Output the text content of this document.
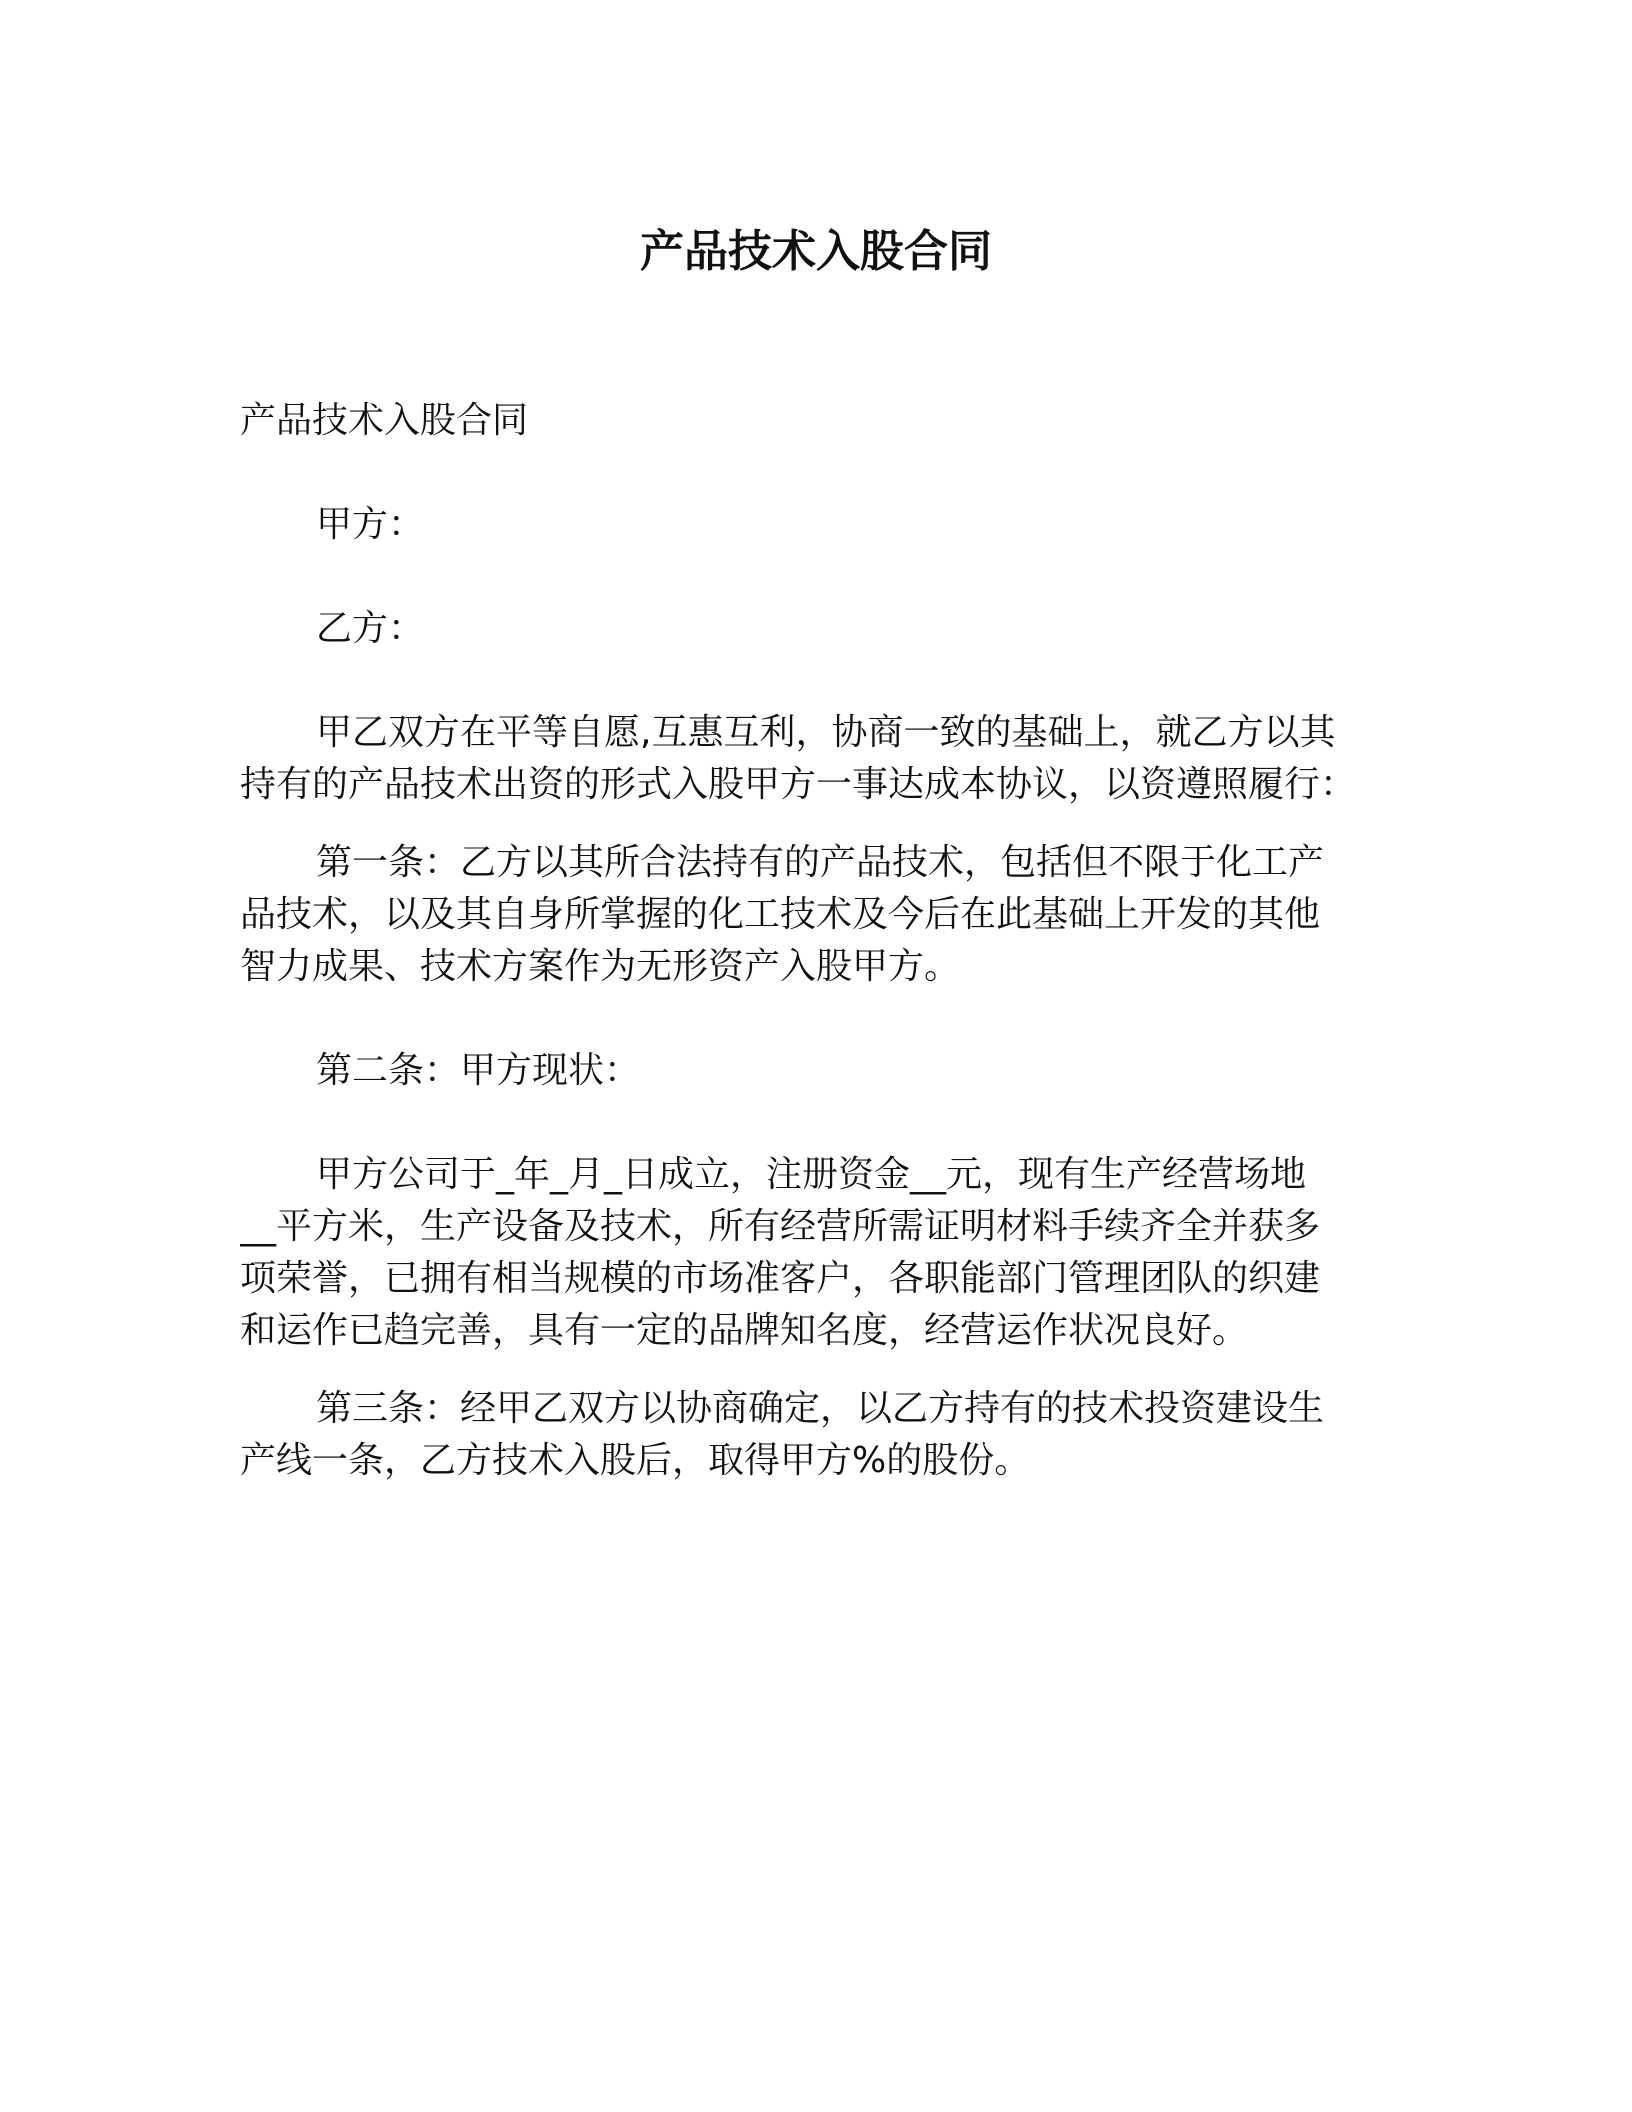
产品技术入股合同
产品技术入股合同
甲方：
乙方：
甲乙双方在平等自愿,互惠互利，协商一致的基础上，就乙方以其
持有的产品技术出资的形式入股甲方一事达成本协议，以资遵照履行：
第一条：乙方以其所合法持有的产品技术，包括但不限于化工产
品技术，以及其自身所掌握的化工技术及今后在此基础上开发的其他
智力成果、技术方案作为无形资产入股甲方。
第二条：甲方现状：
甲方公司于_年_月_日成立，注册资金__元，现有生产经营场地
__平方米，生产设备及技术，所有经营所需证明材料手续齐全并获多
项荣誉，已拥有相当规模的市场准客户，各职能部门管理团队的织建
和运作已趋完善，具有一定的品牌知名度，经营运作状况良好。
第三条：经甲乙双方以协商确定，以乙方持有的技术投资建设生
产线一条，乙方技术入股后，取得甲方%的股份。
